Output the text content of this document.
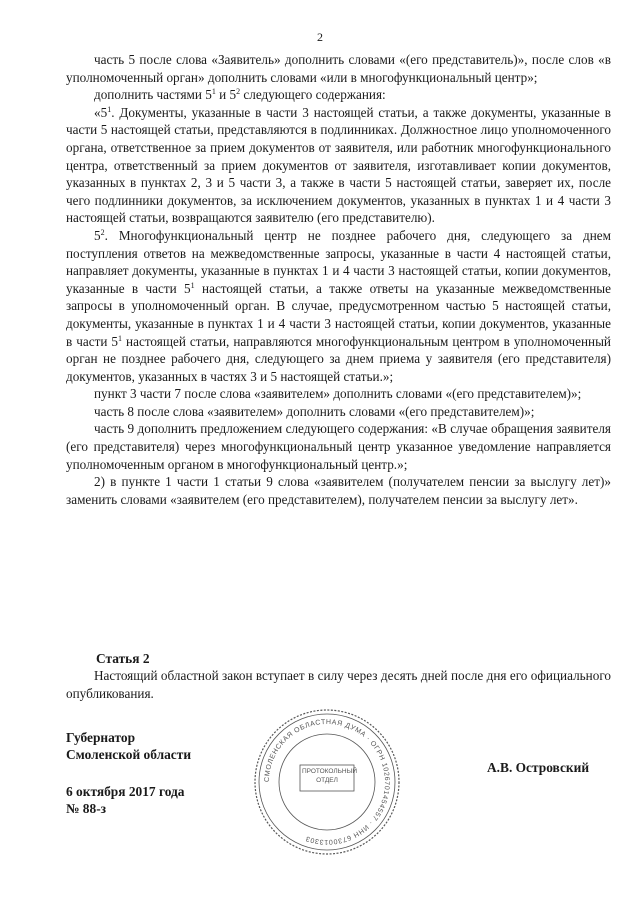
2

часть 5 после слова «Заявитель» дополнить словами «(его представитель)», после слов «в уполномоченный орган» дополнить словами «или в многофункциональный центр»;

дополнить частями $5^1$ и $5^2$ следующего содержания:

«$5^1$. Документы, указанные в части 3 настоящей статьи, а также документы, указанные в части 5 настоящей статьи, представляются в подлинниках. Должностное лицо уполномоченного органа, ответственное за прием документов от заявителя, или работник многофункционального центра, ответственный за прием документов от заявителя, изготавливает копии документов, указанных в пунктах 2, 3 и 5 части 3, а также в части 5 настоящей статьи, заверяет их, после чего подлинники документов, за исключением документов, указанных в пунктах 1 и 4 части 3 настоящей статьи, возвращаются заявителю (его представителю).

$5^2$. Многофункциональный центр не позднее рабочего дня, следующего за днем поступления ответов на межведомственные запросы, указанные в части 4 настоящей статьи, направляет документы, указанные в пунктах 1 и 4 части 3 настоящей статьи, копии документов, указанные в части $5^1$ настоящей статьи, а также ответы на указанные межведомственные запросы в уполномоченный орган. В случае, предусмотренном частью 5 настоящей статьи, документы, указанные в пунктах 1 и 4 части 3 настоящей статьи, копии документов, указанные в части $5^1$ настоящей статьи, направляются многофункциональным центром в уполномоченный орган не позднее рабочего дня, следующего за днем приема у заявителя (его представителя) документов, указанных в частях 3 и 5 настоящей статьи.»;

пункт 3 части 7 после слова «заявителем» дополнить словами «(его представителем)»;

часть 8 после слова «заявителем» дополнить словами «(его представителем)»;

часть 9 дополнить предложением следующего содержания: «В случае обращения заявителя (его представителя) через многофункциональный центр указанное уведомление направляется уполномоченным органом в многофункциональный центр.»;

2) в пункте 1 части 1 статьи 9 слова «заявителем (получателем пенсии за выслугу лет)» заменить словами «заявителем (его представителем), получателем пенсии за выслугу лет».

Статья 2
Настоящий областной закон вступает в силу через десять дней после дня его официального опубликования.
Губернатор
Смоленской области
6 октября 2017 года
№ 88-з
А.В. Островский
СМОЛЕНСКАЯ ОБЛАСТНАЯ ДУМА · ОГРН 1026701454557 · ИНН 6730013303
ПРОТОКОЛЬНЫЙ
ОТДЕЛ
